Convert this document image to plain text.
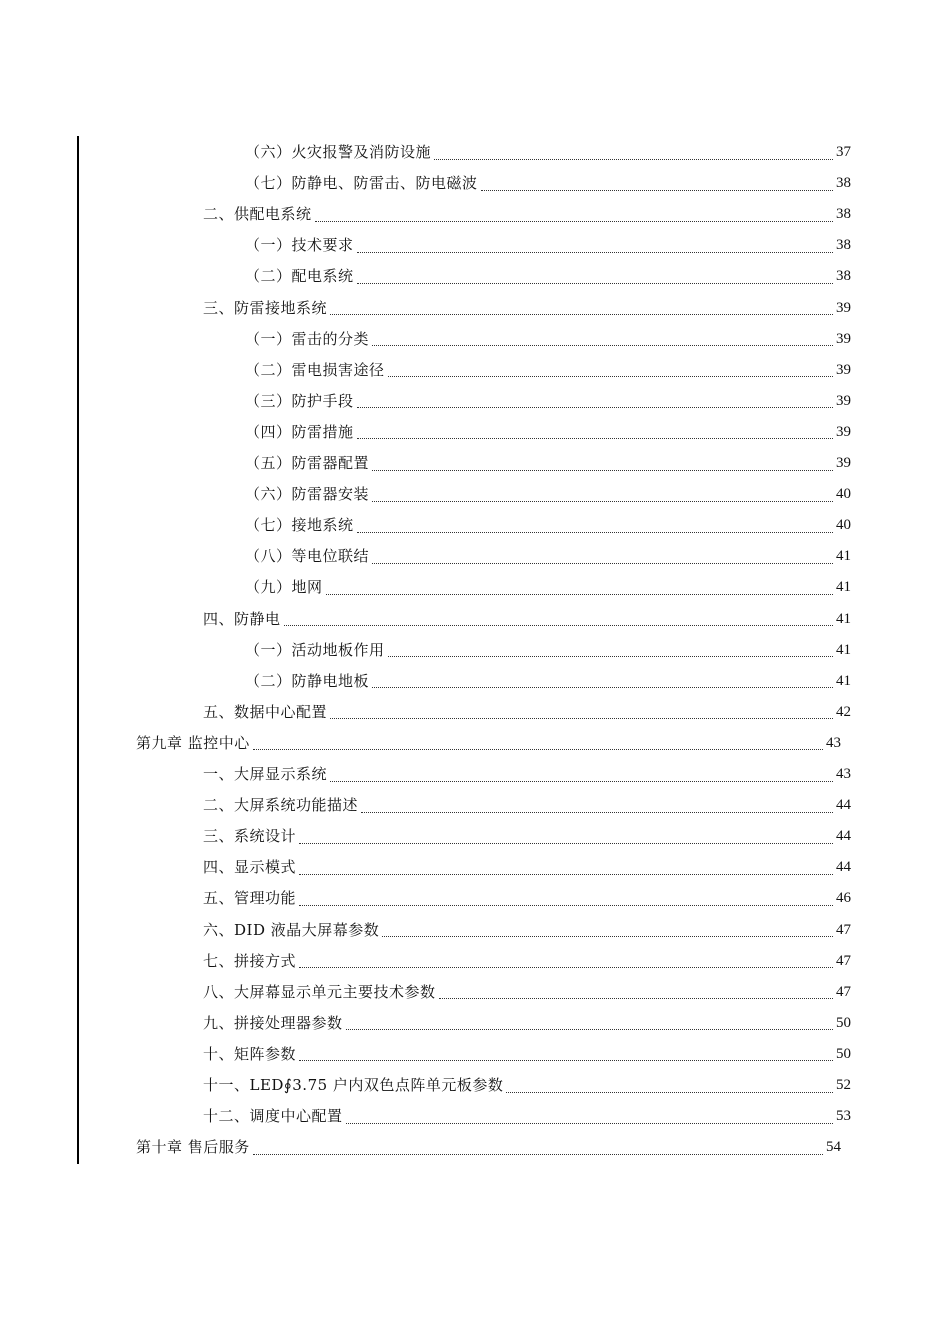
（六）火灾报警及消防设施	37
（七）防静电、防雷击、防电磁波	38
二、供配电系统	38
（一）技术要求	38
（二）配电系统	38
三、防雷接地系统	39
（一）雷击的分类	39
（二）雷电损害途径	39
（三）防护手段	39
（四）防雷措施	39
（五）防雷器配置	39
（六）防雷器安装	40
（七）接地系统	40
（八）等电位联结	41
（九）地网	41
四、防静电	41
（一）活动地板作用	41
（二）防静电地板	41
五、数据中心配置	42
第九章 监控中心	43
一、大屏显示系统	43
二、大屏系统功能描述	44
三、系统设计	44
四、显示模式	44
五、管理功能	46
六、DID 液晶大屏幕参数	47
七、拼接方式	47
八、大屏幕显示单元主要技术参数	47
九、拼接处理器参数	50
十、矩阵参数	50
十一、LED∮3.75 户内双色点阵单元板参数	52
十二、调度中心配置	53
第十章 售后服务	54
